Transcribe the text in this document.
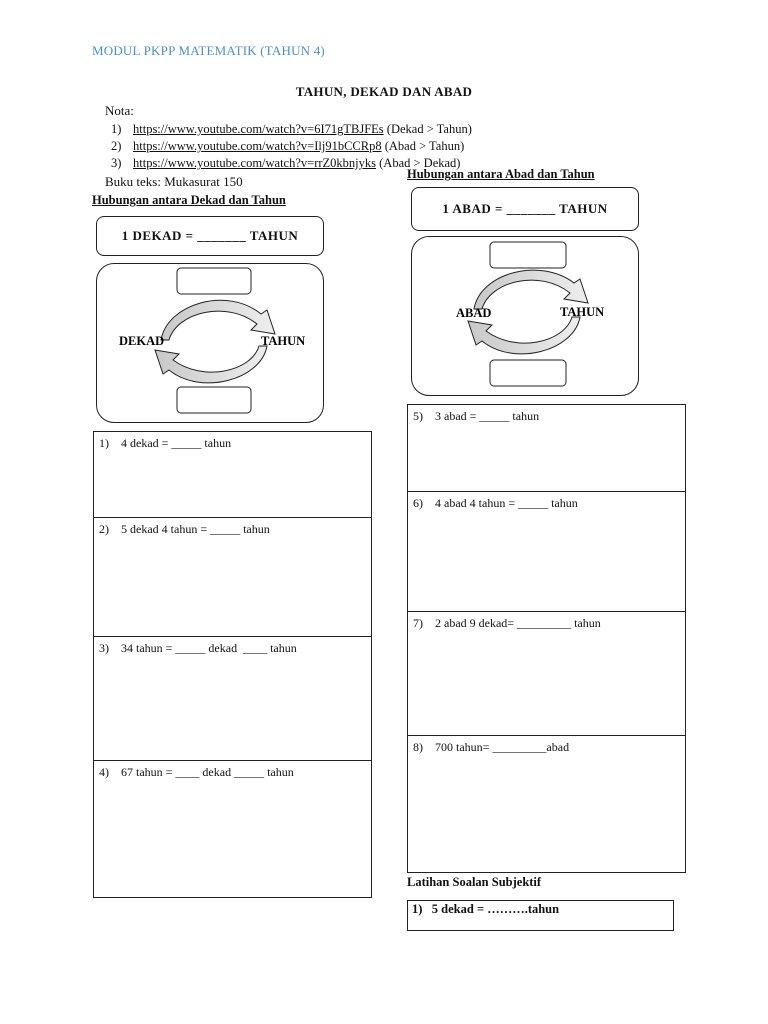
MODUL PKPP MATEMATIK (TAHUN 4)
TAHUN, DEKAD DAN ABAD
Nota:
1) https://www.youtube.com/watch?v=6I71gTBJFEs (Dekad > Tahun)
2) https://www.youtube.com/watch?v=Ilj91bCCRp8 (Abad > Tahun)
3) https://www.youtube.com/watch?v=rrZ0kbnjyks (Abad > Dekad)
Buku teks: Mukasurat 150
Hubungan antara Dekad dan Tahun
1 DEKAD = _______ TAHUN
DEKAD	TAHUN
Hubungan antara Abad dan Tahun
1 ABAD = _______ TAHUN
ABAD	TAHUN
1) 4 dekad = _____ tahun
2) 5 dekad 4 tahun = _____ tahun
3) 34 tahun = _____ dekad  ____ tahun
4) 67 tahun = ____ dekad _____ tahun
5) 3 abad = _____ tahun
6) 4 abad 4 tahun = _____ tahun
7) 2 abad 9 dekad= _________ tahun
8) 700 tahun= _________abad
Latihan Soalan Subjektif
1)   5 dekad = ……….tahun
